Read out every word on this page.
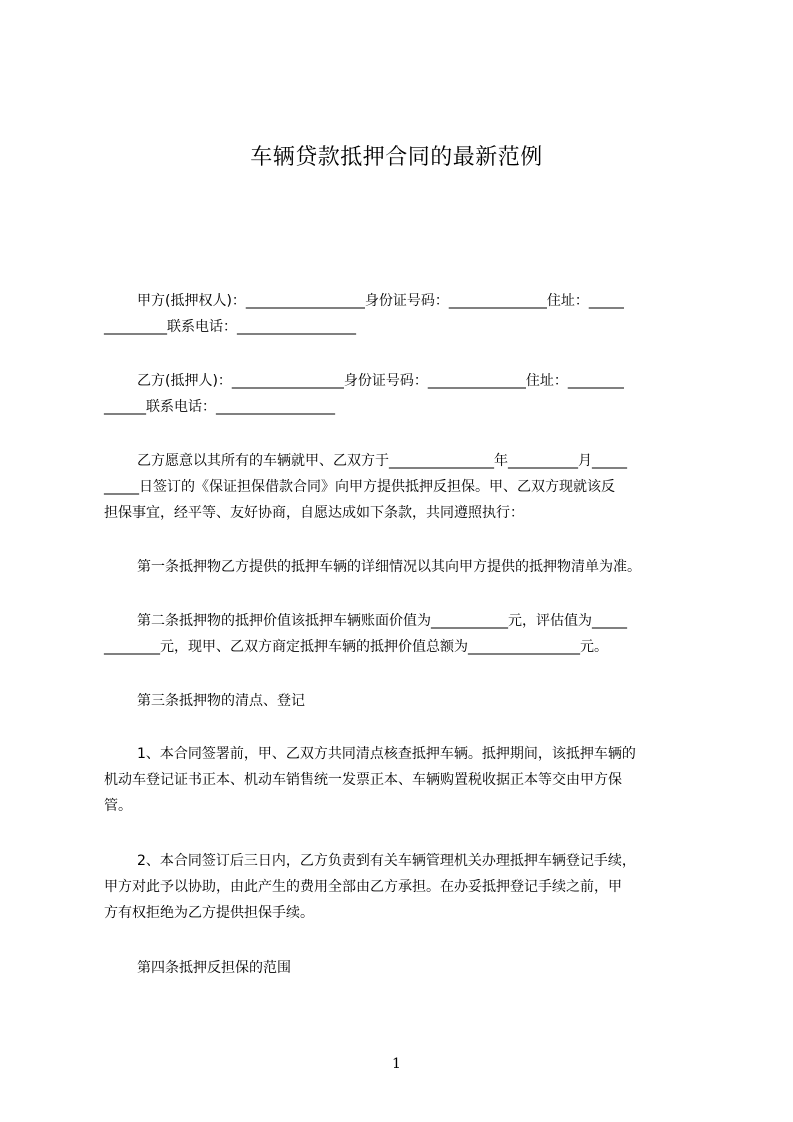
车辆贷款抵押合同的最新范例
甲方(抵押权人)：_________________身份证号码：______________住址：_____
_________联系电话：_________________
乙方(抵押人)：________________身份证号码：______________住址：________
______联系电话：_________________
乙方愿意以其所有的车辆就甲、乙双方于_______________年__________月_____
_____日签订的《保证担保借款合同》向甲方提供抵押反担保。甲、乙双方现就该反
担保事宜，经平等、友好协商，自愿达成如下条款，共同遵照执行：
第一条抵押物乙方提供的抵押车辆的详细情况以其向甲方提供的抵押物清单为准。
第二条抵押物的抵押价值该抵押车辆账面价值为___________元，评估值为_____
________元，现甲、乙双方商定抵押车辆的抵押价值总额为________________元。
第三条抵押物的清点、登记
1、本合同签署前，甲、乙双方共同清点核查抵押车辆。抵押期间，该抵押车辆的
机动车登记证书正本、机动车销售统一发票正本、车辆购置税收据正本等交由甲方保
管。
2、本合同签订后三日内，乙方负责到有关车辆管理机关办理抵押车辆登记手续，
甲方对此予以协助，由此产生的费用全部由乙方承担。在办妥抵押登记手续之前，甲
方有权拒绝为乙方提供担保手续。
第四条抵押反担保的范围
1
